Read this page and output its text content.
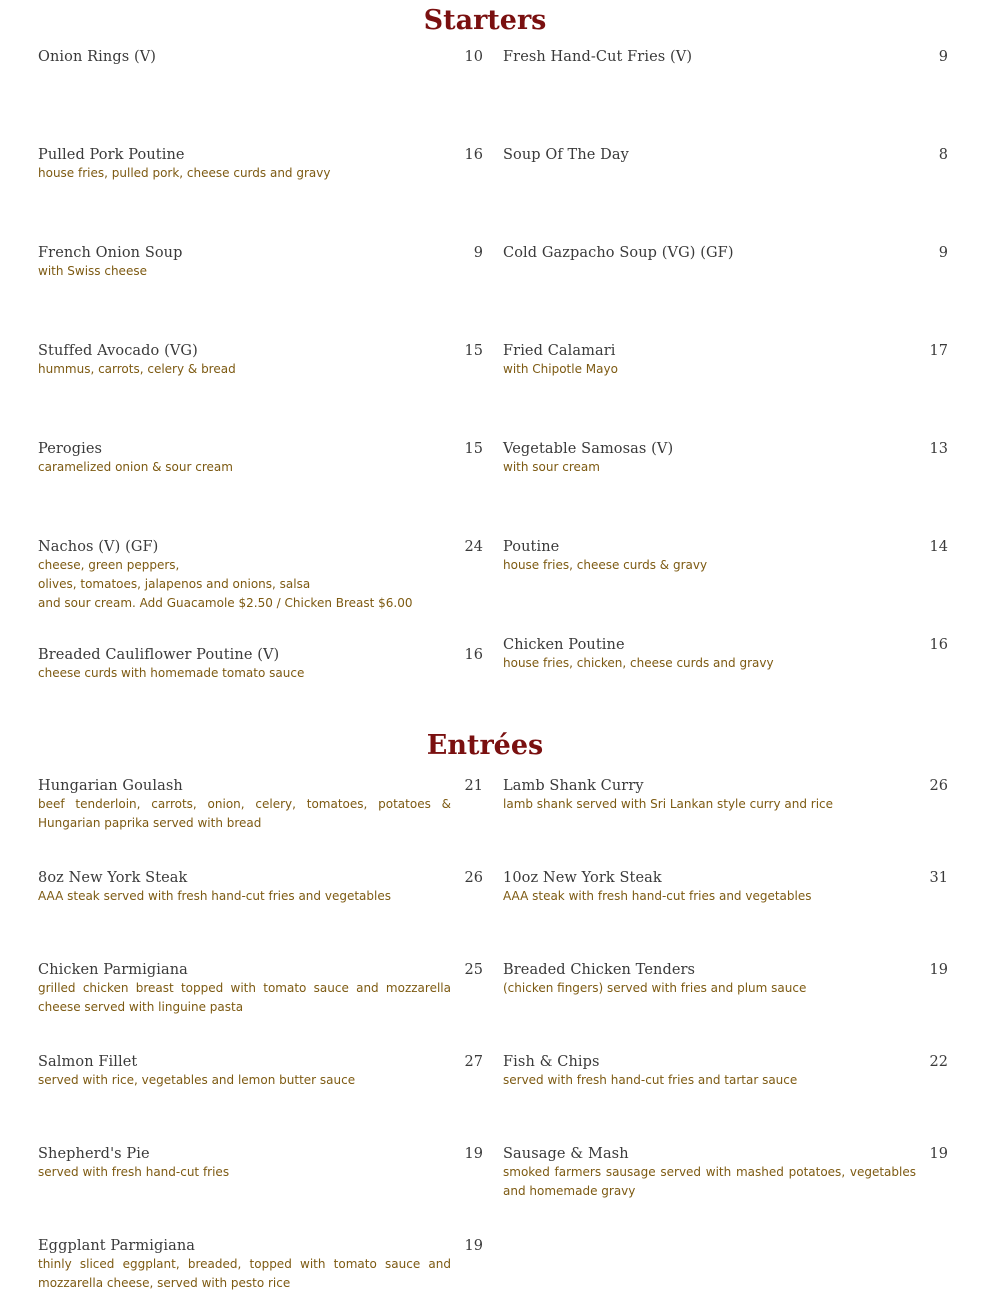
Starters
Onion Rings (V)	10
Pulled Pork Poutine	16
house fries, pulled pork, cheese curds and gravy
French Onion Soup	9
with Swiss cheese
Stuffed Avocado (VG)	15
hummus, carrots, celery & bread
Perogies	15
caramelized onion & sour cream
Nachos (V) (GF)	24
cheese, green peppers,
olives, tomatoes, jalapenos and onions, salsa
and sour cream. Add Guacamole $2.50 / Chicken Breast $6.00
Breaded Cauliflower Poutine (V)	16
cheese curds with homemade tomato sauce
Fresh Hand-Cut Fries (V)	9
Soup Of The Day	8
Cold Gazpacho Soup (VG) (GF)	9
Fried Calamari	17
with Chipotle Mayo
Vegetable Samosas (V)	13
with sour cream
Poutine	14
house fries, cheese curds & gravy
Chicken Poutine	16
house fries, chicken, cheese curds and gravy
Entrées
Hungarian Goulash	21
beef tenderloin, carrots, onion, celery, tomatoes, potatoes & Hungarian paprika served with bread
8oz New York Steak	26
AAA steak served with fresh hand-cut fries and vegetables
Chicken Parmigiana	25
grilled chicken breast topped with tomato sauce and mozzarella cheese served with linguine pasta
Salmon Fillet	27
served with rice, vegetables and lemon butter sauce
Shepherd's Pie	19
served with fresh hand-cut fries
Eggplant Parmigiana	19
thinly sliced eggplant, breaded, topped with tomato sauce and mozzarella cheese, served with pesto rice
Lamb Shank Curry	26
lamb shank served with Sri Lankan style curry and rice
10oz New York Steak	31
AAA steak with fresh hand-cut fries and vegetables
Breaded Chicken Tenders	19
(chicken fingers) served with fries and plum sauce
Fish & Chips	22
served with fresh hand-cut fries and tartar sauce
Sausage & Mash	19
smoked farmers sausage served with mashed potatoes, vegetables and homemade gravy
